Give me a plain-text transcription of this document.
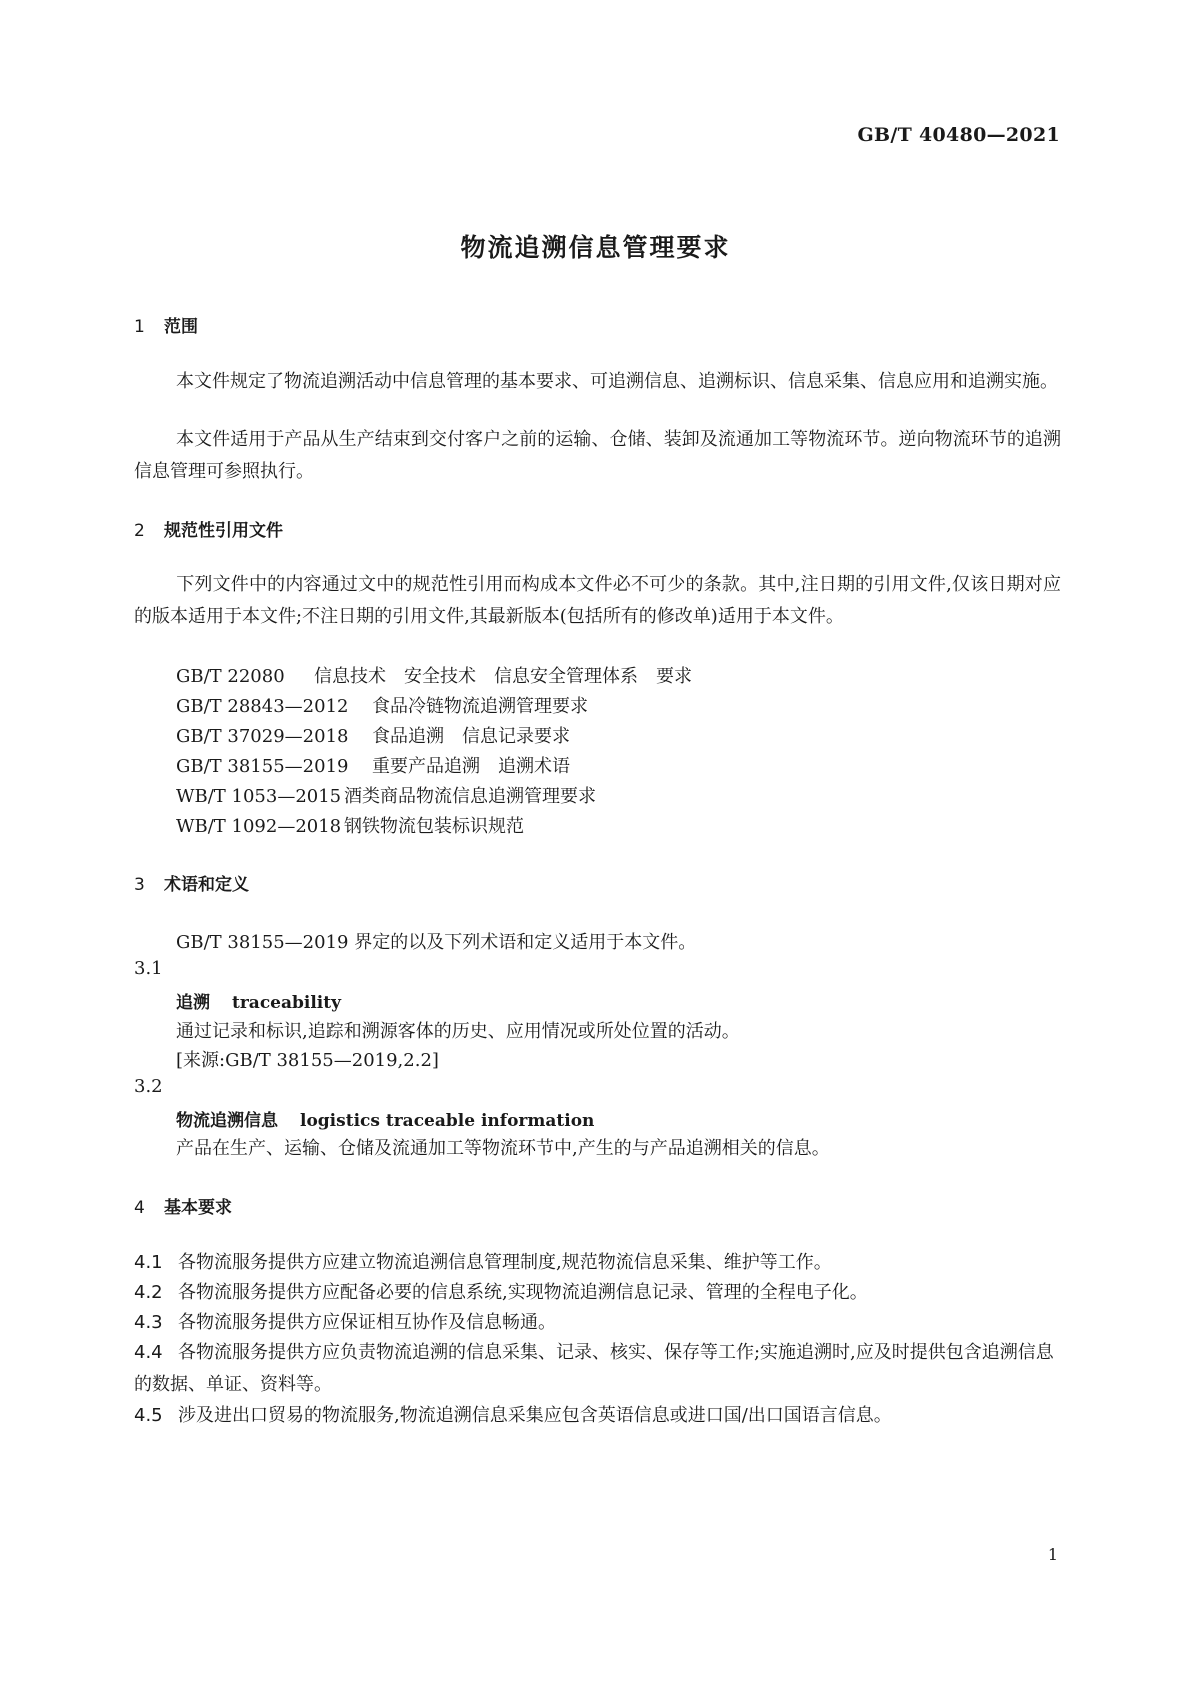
GB/T 40480—2021
物流追溯信息管理要求
1 范围
本文件规定了物流追溯活动中信息管理的基本要求、可追溯信息、追溯标识、信息采集、信息应用和追溯实施。
本文件适用于产品从生产结束到交付客户之前的运输、仓储、装卸及流通加工等物流环节。逆向物流环节的追溯信息管理可参照执行。
2 规范性引用文件
下列文件中的内容通过文中的规范性引用而构成本文件必不可少的条款。其中,注日期的引用文件,仅该日期对应的版本适用于本文件;不注日期的引用文件,其最新版本(包括所有的修改单)适用于本文件。
GB/T 22080 信息技术　安全技术　信息安全管理体系　要求
GB/T 28843—2012 食品冷链物流追溯管理要求
GB/T 37029—2018 食品追溯　信息记录要求
GB/T 38155—2019 重要产品追溯　追溯术语
WB/T 1053—2015 酒类商品物流信息追溯管理要求
WB/T 1092—2018 钢铁物流包装标识规范
3 术语和定义
GB/T 38155—2019 界定的以及下列术语和定义适用于本文件。
3.1
追溯 traceability
通过记录和标识,追踪和溯源客体的历史、应用情况或所处位置的活动。
[来源:GB/T 38155—2019,2.2]
3.2
物流追溯信息 logistics traceable information
产品在生产、运输、仓储及流通加工等物流环节中,产生的与产品追溯相关的信息。
4 基本要求
4.1 各物流服务提供方应建立物流追溯信息管理制度,规范物流信息采集、维护等工作。
4.2 各物流服务提供方应配备必要的信息系统,实现物流追溯信息记录、管理的全程电子化。
4.3 各物流服务提供方应保证相互协作及信息畅通。
4.4 各物流服务提供方应负责物流追溯的信息采集、记录、核实、保存等工作;实施追溯时,应及时提供包含追溯信息的数据、单证、资料等。
4.5 涉及进出口贸易的物流服务,物流追溯信息采集应包含英语信息或进口国/出口国语言信息。
1
